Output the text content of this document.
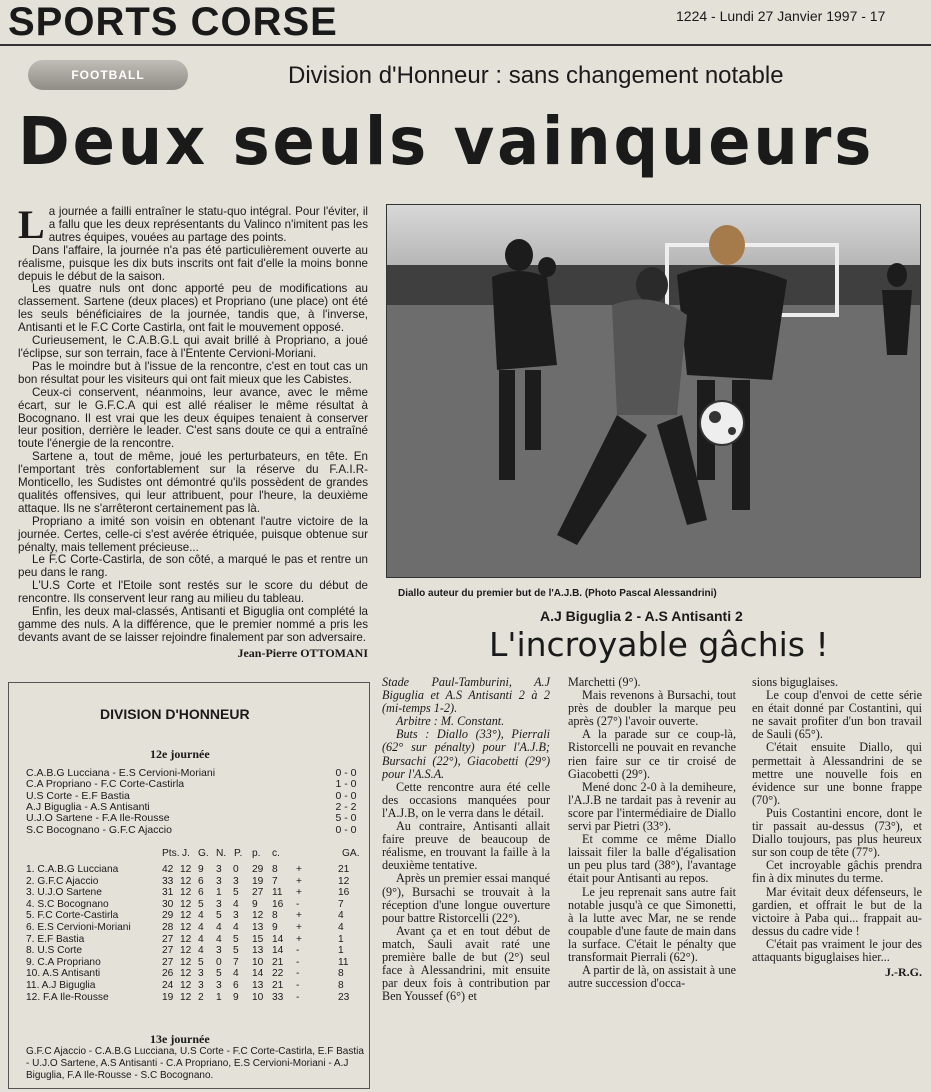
SPORTS CORSE	1224 - Lundi 27 Janvier 1997 - 17
FOOTBALL	Division d'Honneur : sans changement notable
Deux seuls vainqueurs

La journée a failli entraîner le statu-quo intégral. Pour l'éviter, il a fallu que les deux représentants du Valinco n'imitent pas les autres équipes, vouées au partage des points.

Dans l'affaire, la journée n'a pas été particulièrement ouverte au réalisme, puisque les dix buts inscrits ont fait d'elle la moins bonne depuis le début de la saison.

Les quatre nuls ont donc apporté peu de modifications au classement. Sartene (deux places) et Propriano (une place) ont été les seuls bénéficiaires de la journée, tandis que, à l'inverse, Antisanti et le F.C Corte Castirla, ont fait le mouvement opposé.

Curieusement, le C.A.B.G.L qui avait brillé à Propriano, a joué l'éclipse, sur son terrain, face à l'Entente Cervioni-Moriani.

Pas le moindre but à l'issue de la rencontre, c'est en tout cas un bon résultat pour les visiteurs qui ont fait mieux que les Cabistes.

Ceux-ci conservent, néanmoins, leur avance, avec le même écart, sur le G.F.C.A qui est allé réaliser le même résultat à Bocognano. Il est vrai que les deux équipes tenaient à conserver leur position, derrière le leader. C'est sans doute ce qui a entraîné toute l'énergie de la rencontre.

Sartene a, tout de même, joué les perturbateurs, en tête. En l'emportant très confortablement sur la réserve du F.A.I.R-Monticello, les Sudistes ont démontré qu'ils possèdent de grandes qualités offensives, qui leur attribuent, pour l'heure, la deuxième attaque. Ils ne s'arrêteront certainement pas là.

Propriano a imité son voisin en obtenant l'autre victoire de la journée. Certes, celle-ci s'est avérée étriquée, puisque obtenue sur pénalty, mais tellement précieuse...

Le F.C Corte-Castirla, de son côté, a marqué le pas et rentre un peu dans le rang.

L'U.S Corte et l'Etoile sont restés sur le score du début de rencontre. Ils conservent leur rang au milieu du tableau.

Enfin, les deux mal-classés, Antisanti et Biguglia ont complété la gamme des nuls. A la différence, que le premier nommé a pris les devants avant de se laisser rejoindre finalement par son adversaire.

Jean-Pierre OTTOMANI
Diallo auteur du premier but de l'A.J.B. (Photo Pascal Alessandrini)
A.J Biguglia 2 - A.S Antisanti 2
L'incroyable gâchis !

Stade Paul-Tamburini, A.J Biguglia et A.S Antisanti 2 à 2 (mi-temps 1-2).

Arbitre : M. Constant.

Buts : Diallo (33°), Pierrali (62° sur pénalty) pour l'A.J.B; Bursachi (22°), Giacobetti (29°) pour l'A.S.A.

Cette rencontre aura été celle des occasions manquées pour l'A.J.B, on le verra dans le détail.

Au contraire, Antisanti allait faire preuve de beaucoup de réalisme, en trouvant la faille à la deuxième tentative.

Après un premier essai manqué (9°), Bursachi se trouvait à la réception d'une longue ouverture pour battre Ristorcelli (22°).

Avant ça et en tout début de match, Sauli avait raté une première balle de but (2°) seul face à Alessandrini, mit ensuite par deux fois à contribution par Ben Youssef (6°) et

Marchetti (9°).

Mais revenons à Bursachi, tout près de doubler la marque peu après (27°) l'avoir ouverte.

A la parade sur ce coup-là, Ristorcelli ne pouvait en revanche rien faire sur ce tir croisé de Giacobetti (29°).

Mené donc 2-0 à la demiheure, l'A.J.B ne tardait pas à revenir au score par l'intermédiaire de Diallo servi par Pietri (33°).

Et comme ce même Diallo laissait filer la balle d'égalisation un peu plus tard (38°), l'avantage était pour Antisanti au repos.

Le jeu reprenait sans autre fait notable jusqu'à ce que Simonetti, à la lutte avec Mar, ne se rende coupable d'une faute de main dans la surface. C'était le pénalty que transformait Pierrali (62°).

A partir de là, on assistait à une autre succession d'occa-

sions biguglaises.

Le coup d'envoi de cette série en était donné par Costantini, qui ne savait profiter d'un bon travail de Sauli (65°).

C'était ensuite Diallo, qui permettait à Alessandrini de se mettre une nouvelle fois en évidence sur une bonne frappe (70°).

Puis Costantini encore, dont le tir passait au-dessus (73°), et Diallo toujours, pas plus heureux sur son coup de tête (77°).

Cet incroyable gâchis prendra fin à dix minutes du terme.

Mar évitait deux défenseurs, le gardien, et offrait le but de la victoire à Paba qui... frappait au-dessus du cadre vide !

C'était pas vraiment le jour des attaquants biguglaises hier...

J.-R.G.
DIVISION D'HONNEUR
12e journée
C.A.B.G Lucciana - E.S Cervioni-Moriani	0 - 0
C.A Propriano - F.C Corte-Castirla	1 - 0
U.S Corte - E.F Bastia	0 - 0
A.J Biguglia - A.S Antisanti	2 - 2
U.J.O Sartene - F.A Ile-Rousse	5 - 0
S.C Bocognano - G.F.C Ajaccio	0 - 0
Pts. J. G. N. P. p. c.	GA.
1. C.A.B.G Lucciana	42 12 9 3 0 29 8 +	21
2. G.F.C Ajaccio	33 12 6 3 3 19 7 +	12
3. U.J.O Sartene	31 12 6 1 5 27 11 +	16
4. S.C Bocognano	30 12 5 3 4 9 16 -	7
5. F.C Corte-Castirla	29 12 4 5 3 12 8 +	4
6. E.S Cervioni-Moriani	28 12 4 4 4 13 9 +	4
7. E.F Bastia	27 12 4 4 5 15 14 +	1
8. U.S Corte	27 12 4 3 5 13 14 -	1
9. C.A Propriano	27 12 5 0 7 10 21 -	11
10. A.S Antisanti	26 12 3 5 4 14 22 -	8
11. A.J Biguglia	24 12 3 3 6 13 21 -	8
12. F.A Ile-Rousse	19 12 2 1 9 10 33 -	23
13e journée
G.F.C Ajaccio - C.A.B.G Lucciana, U.S Corte - F.C Corte-Castirla, E.F Bastia - U.J.O Sartene, A.S Antisanti - C.A Propriano, E.S Cervioni-Moriani - A.J Biguglia, F.A Ile-Rousse - S.C Bocognano.
